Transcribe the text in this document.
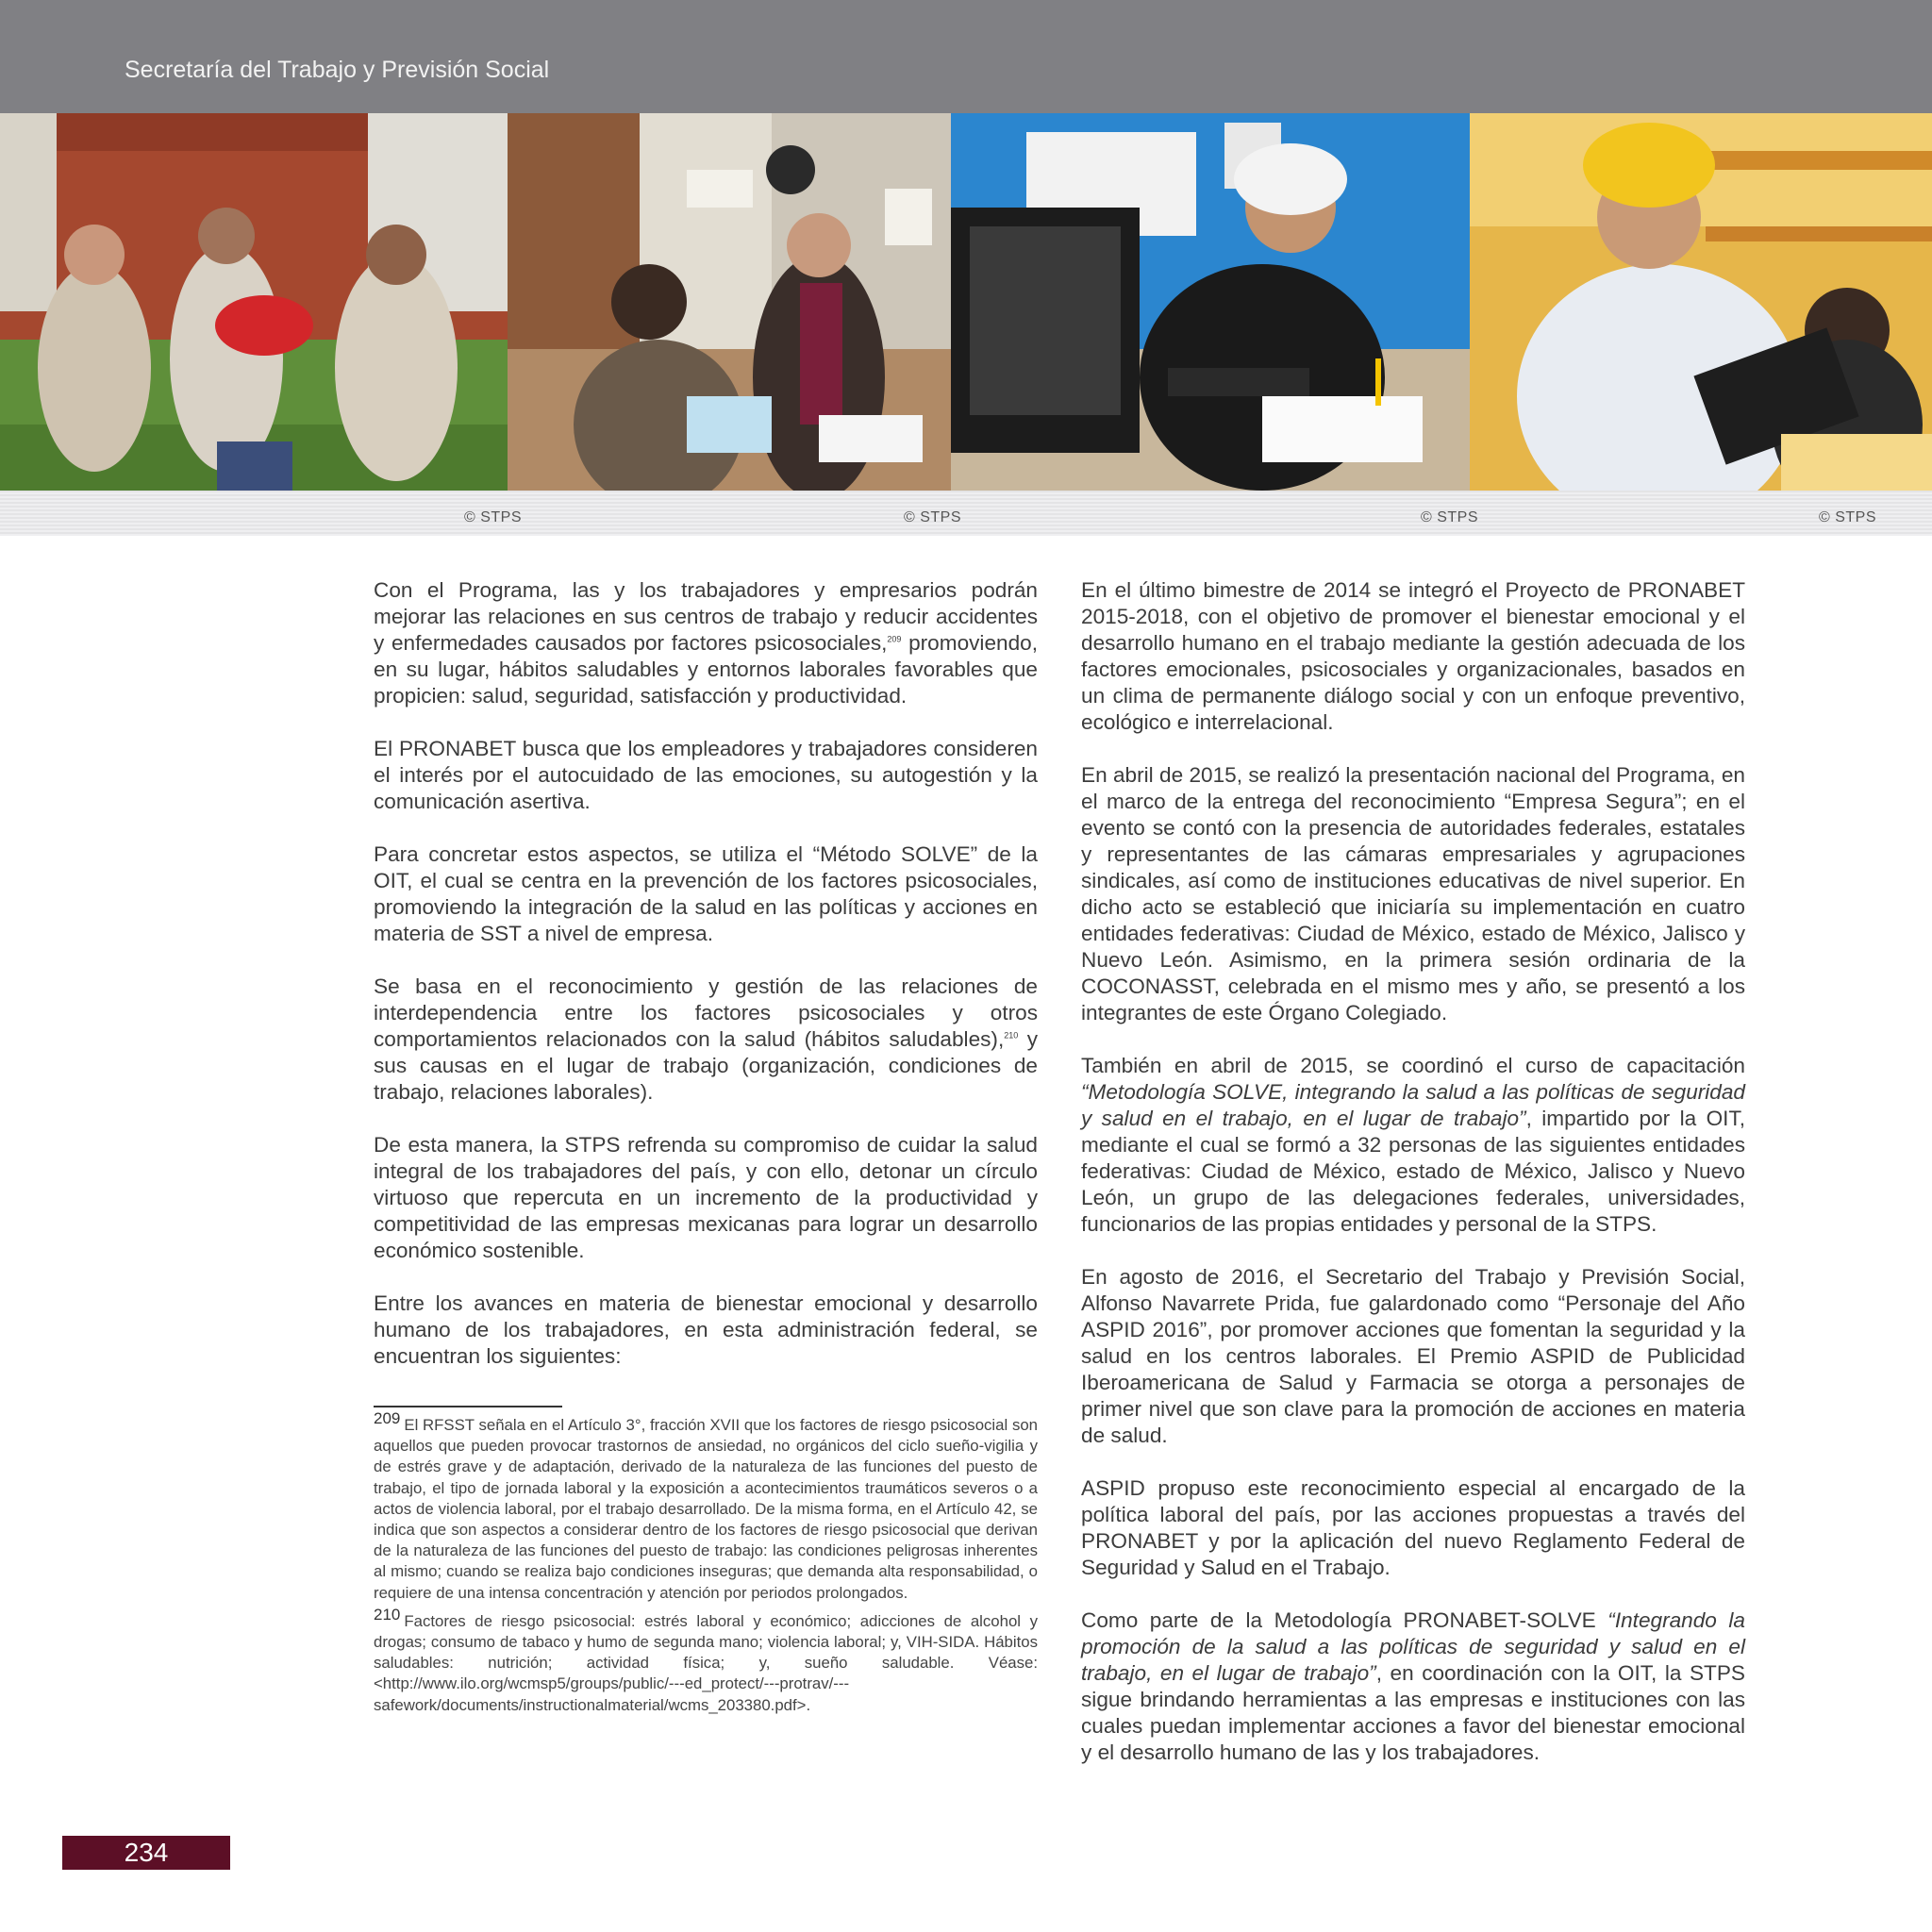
Secretaría del Trabajo y Previsión Social
© STPS	© STPS	© STPS	© STPS

Con el Programa, las y los trabajadores y empresarios podrán mejorar las relaciones en sus centros de trabajo y reducir accidentes y enfermedades causados por factores psicosociales,$^{209}$ promoviendo, en su lugar, hábitos saludables y entornos laborales favorables que propicien: salud, seguridad, satisfacción y productividad.

El PRONABET busca que los empleadores y trabajadores consideren el interés por el autocuidado de las emociones, su autogestión y la comunicación asertiva.

Para concretar estos aspectos, se utiliza el “Método SOLVE” de la OIT, el cual se centra en la prevención de los factores psicosociales, promoviendo la integración de la salud en las políticas y acciones en materia de SST a nivel de empresa.

Se basa en el reconocimiento y gestión de las relaciones de interdependencia entre los factores psicosociales y otros comportamientos relacionados con la salud (hábitos saludables),$^{210}$ y sus causas en el lugar de trabajo (organización, condiciones de trabajo, relaciones laborales).

De esta manera, la STPS refrenda su compromiso de cuidar la salud integral de los trabajadores del país, y con ello, detonar un círculo virtuoso que repercuta en un incremento de la productividad y competitividad de las empresas mexicanas para lograr un desarrollo económico sostenible.

Entre los avances en materia de bienestar emocional y desarrollo humano de los trabajadores, en esta administración federal, se encuentran los siguientes:

209 El RFSST señala en el Artículo 3°, fracción XVII que los factores de riesgo psicosocial son aquellos que pueden provocar trastornos de ansiedad, no orgánicos del ciclo sueño-vigilia y de estrés grave y de adaptación, derivado de la naturaleza de las funciones del puesto de trabajo, el tipo de jornada laboral y la exposición a acontecimientos traumáticos severos o a actos de violencia laboral, por el trabajo desarrollado. De la misma forma, en el Artículo 42, se indica que son aspectos a considerar dentro de los factores de riesgo psicosocial que derivan de la naturaleza de las funciones del puesto de trabajo: las condiciones peligrosas inherentes al mismo; cuando se realiza bajo condiciones inseguras; que demanda alta responsabilidad, o requiere de una intensa concentración y atención por periodos prolongados.

210 Factores de riesgo psicosocial: estrés laboral y económico; adicciones de alcohol y drogas; consumo de tabaco y humo de segunda mano; violencia laboral; y, VIH-SIDA. Hábitos saludables: nutrición; actividad física; y, sueño saludable. Véase: <http://www.ilo.org/wcmsp5/groups/public/---ed_protect/---protrav/---safework/documents/instructionalmaterial/wcms_203380.pdf>.

En el último bimestre de 2014 se integró el Proyecto de PRONABET 2015-2018, con el objetivo de promover el bienestar emocional y el desarrollo humano en el trabajo mediante la gestión adecuada de los factores emocionales, psicosociales y organizacionales, basados en un clima de permanente diálogo social y con un enfoque preventivo, ecológico e interrelacional.

En abril de 2015, se realizó la presentación nacional del Programa, en el marco de la entrega del reconocimiento “Empresa Segura”; en el evento se contó con la presencia de autoridades federales, estatales y representantes de las cámaras empresariales y agrupaciones sindicales, así como de instituciones educativas de nivel superior. En dicho acto se estableció que iniciaría su implementación en cuatro entidades federativas: Ciudad de México, estado de México, Jalisco y Nuevo León. Asimismo, en la primera sesión ordinaria de la COCONASST, celebrada en el mismo mes y año, se presentó a los integrantes de este Órgano Colegiado.

También en abril de 2015, se coordinó el curso de capacitación “Metodología SOLVE, integrando la salud a las políticas de seguridad y salud en el trabajo, en el lugar de trabajo”, impartido por la OIT, mediante el cual se formó a 32 personas de las siguientes entidades federativas: Ciudad de México, estado de México, Jalisco y Nuevo León, un grupo de las delegaciones federales, universidades, funcionarios de las propias entidades y personal de la STPS.

En agosto de 2016, el Secretario del Trabajo y Previsión Social, Alfonso Navarrete Prida, fue galardonado como “Personaje del Año ASPID 2016”, por promover acciones que fomentan la seguridad y la salud en los centros laborales. El Premio ASPID de Publicidad Iberoamericana de Salud y Farmacia se otorga a personajes de primer nivel que son clave para la promoción de acciones en materia de salud.

ASPID propuso este reconocimiento especial al encargado de la política laboral del país, por las acciones propuestas a través del PRONABET y por la aplicación del nuevo Reglamento Federal de Seguridad y Salud en el Trabajo.

Como parte de la Metodología PRONABET-SOLVE “Integrando la promoción de la salud a las políticas de seguridad y salud en el trabajo, en el lugar de trabajo”, en coordinación con la OIT, la STPS sigue brindando herramientas a las empresas e instituciones con las cuales puedan implementar acciones a favor del bienestar emocional y el desarrollo humano de las y los trabajadores.

234
